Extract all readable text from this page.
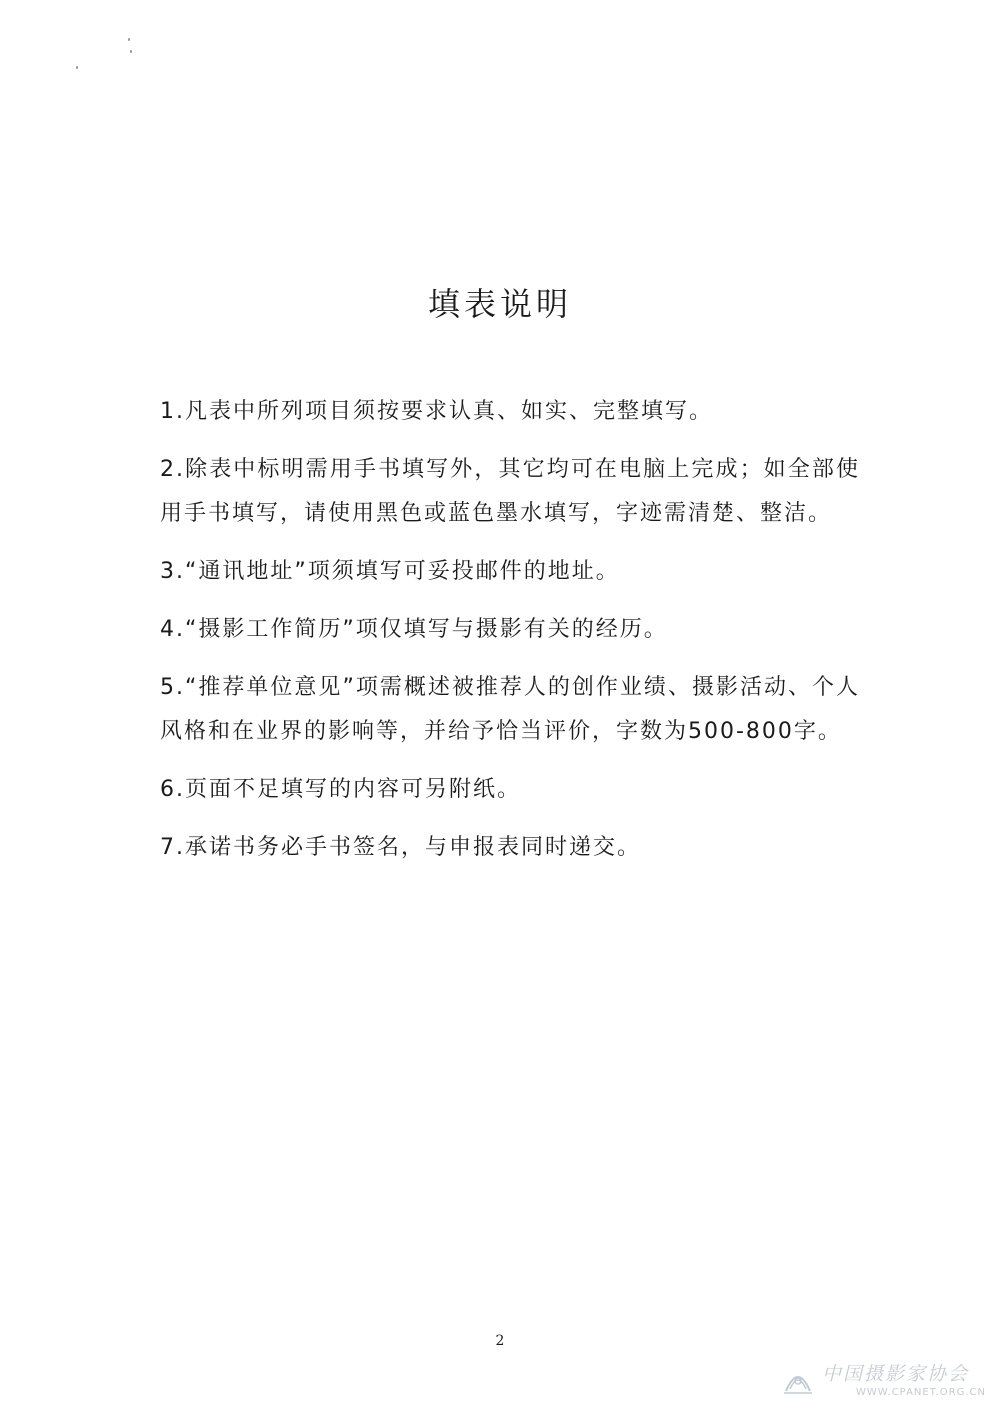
填表说明

1.凡表中所列项目须按要求认真、如实、完整填写。

2.除表中标明需用手书填写外，其它均可在电脑上完成；如全部使用手书填写，请使用黑色或蓝色墨水填写，字迹需清楚、整洁。

3.“通讯地址”项须填写可妥投邮件的地址。

4.“摄影工作简历”项仅填写与摄影有关的经历。

5.“推荐单位意见”项需概述被推荐人的创作业绩、摄影活动、个人风格和在业界的影响等，并给予恰当评价，字数为500-800字。

6.页面不足填写的内容可另附纸。

7.承诺书务必手书签名，与申报表同时递交。

2
中国摄影家协会
WWW.CPANET.ORG.CN
